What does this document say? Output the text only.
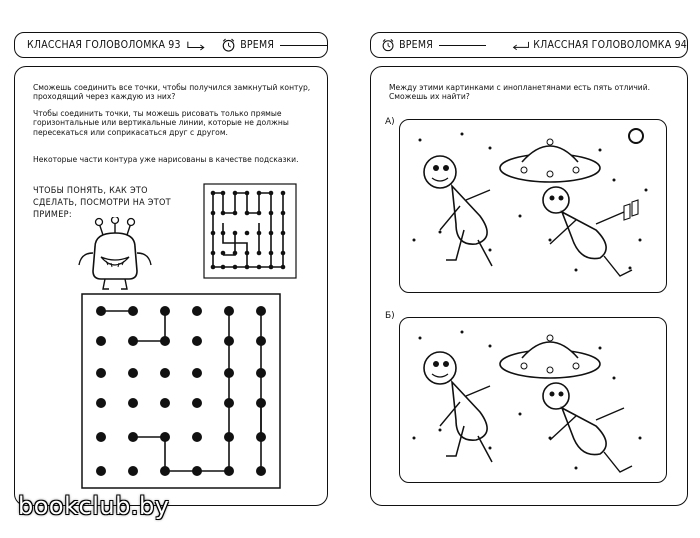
КЛАССНАЯ ГОЛОВОЛОМКА 93	ВРЕМЯ
Сможешь соединить все точки, чтобы получился замкнутый контур, проходящий через каждую из них?
Чтобы соединить точки, ты можешь рисовать только прямые горизонтальные или вертикальные линии, которые не должны пересекаться или соприкасаться друг с другом.
Некоторые части контура уже нарисованы в качестве подсказки.
ЧТОБЫ ПОНЯТЬ, КАК ЭТО СДЕЛАТЬ, ПОСМОТРИ НА ЭТОТ ПРИМЕР:
ВРЕМЯ	КЛАССНАЯ ГОЛОВОЛОМКА 94
Между этими картинками с инопланетянами есть пять отличий. Сможешь их найти?
А)
Б)
bookclub.by
